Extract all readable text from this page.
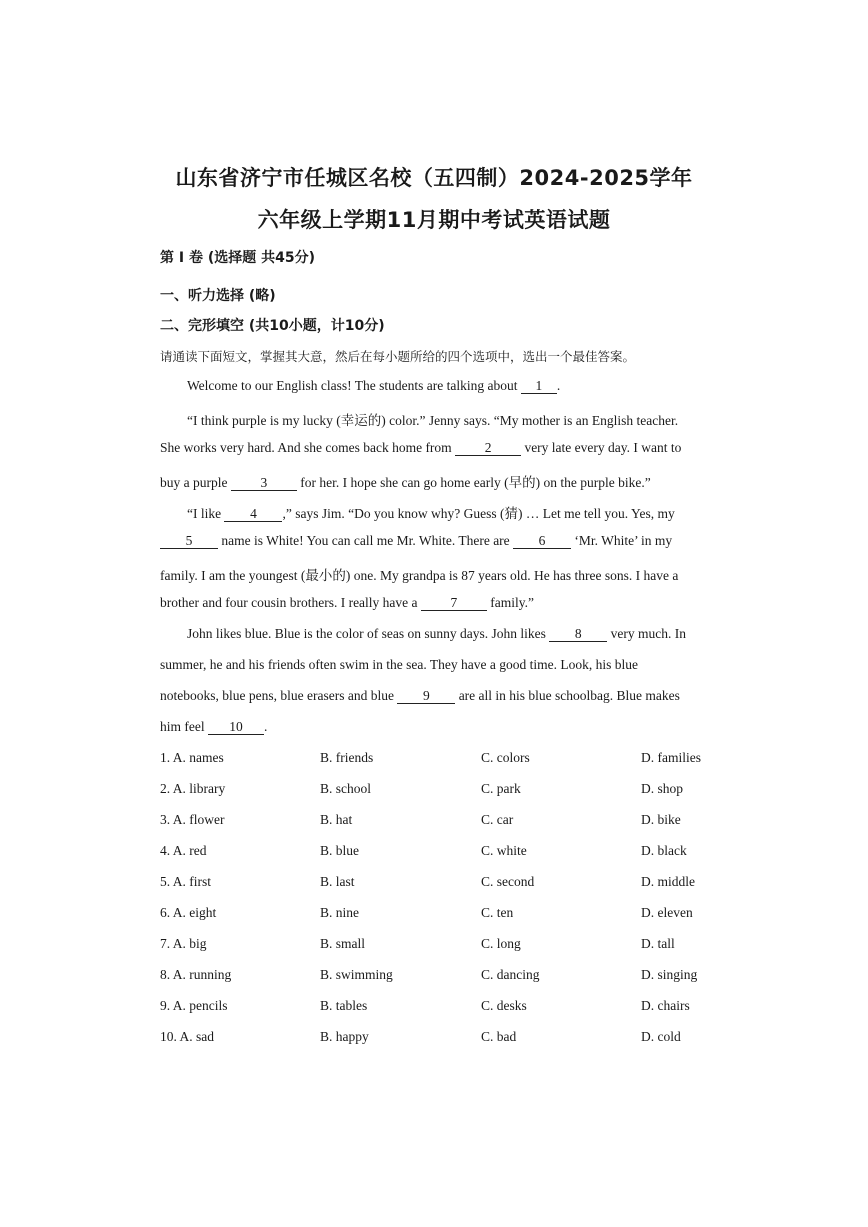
山东省济宁市任城区名校（五四制）2024-2025学年
六年级上学期11月期中考试英语试题
第 Ⅰ 卷 (选择题 共45分)
一、听力选择 (略)
二、完形填空 (共10小题，计10分)
请通读下面短文，掌握其大意，然后在每小题所给的四个选项中，选出一个最佳答案。
Welcome to our English class! The students are talking about 1 .
“I think purple is my lucky (幸运的) color.” Jenny says. “My mother is an English teacher.
She works very hard. And she comes back home from 2 very late every day. I want to
buy a purple 3 for her. I hope she can go home early (早的) on the purple bike.”
“I like 4 ,” says Jim. “Do you know why? Guess (猜) … Let me tell you. Yes, my
5 name is White! You can call me Mr. White. There are 6 ‘Mr. White’ in my
family. I am the youngest (最小的) one. My grandpa is 87 years old. He has three sons. I have a
brother and four cousin brothers. I really have a 7 family.”
John likes blue. Blue is the color of seas on sunny days. John likes 8 very much. In
summer, he and his friends often swim in the sea. They have a good time. Look, his blue
notebooks, blue pens, blue erasers and blue 9 are all in his blue schoolbag. Blue makes
him feel 10 .
1. A. names	B. friends	C. colors	D. families
2. A. library	B. school	C. park	D. shop
3. A. flower	B. hat	C. car	D. bike
4. A. red	B. blue	C. white	D. black
5. A. first	B. last	C. second	D. middle
6. A. eight	B. nine	C. ten	D. eleven
7. A. big	B. small	C. long	D. tall
8. A. running	B. swimming	C. dancing	D. singing
9. A. pencils	B. tables	C. desks	D. chairs
10. A. sad	B. happy	C. bad	D. cold
